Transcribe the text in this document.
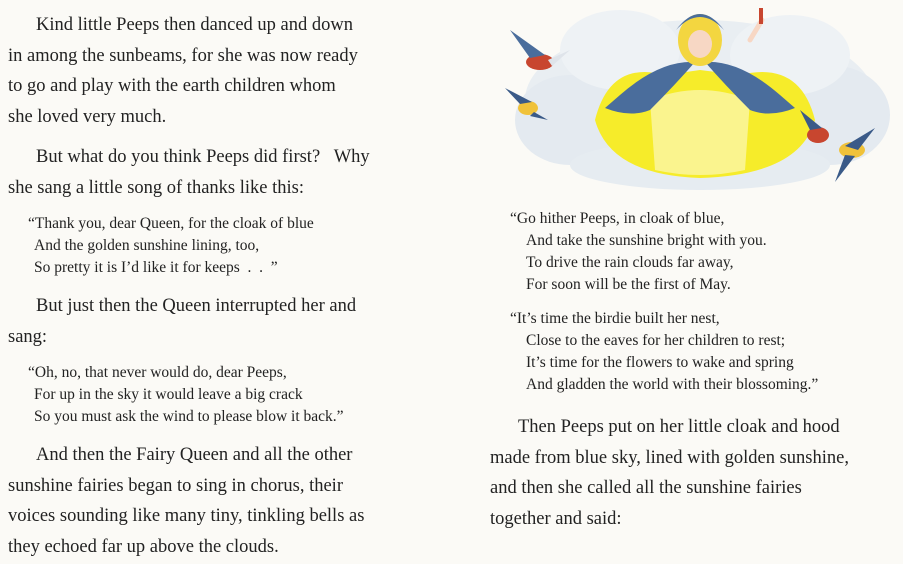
Kind little Peeps then danced up and down
in among the sunbeams, for she was now ready
to go and play with the earth children whom
she loved very much.

But what do you think Peeps did first?   Why
she sang a little song of thanks like this:

“Thank you, dear Queen, for the cloak of blue
And the golden sunshine lining, too,
So pretty it is I’d like it for keeps  .  .  ”

But just then the Queen interrupted her and
sang:

“Oh, no, that never would do, dear Peeps,
For up in the sky it would leave a big crack
So you must ask the wind to please blow it back.”

And then the Fairy Queen and all the other
sunshine fairies began to sing in chorus, their
voices sounding like many tiny, tinkling bells as
they echoed far up above the clouds.

“Go hither Peeps, in cloak of blue,
And take the sunshine bright with you.
To drive the rain clouds far away,
For soon will be the first of May.
“It’s time the birdie built her nest,
Close to the eaves for her children to rest;
It’s time for the flowers to wake and spring
And gladden the world with their blossoming.”

Then Peeps put on her little cloak and hood
made from blue sky, lined with golden sunshine,
and then she called all the sunshine fairies
together and said:
